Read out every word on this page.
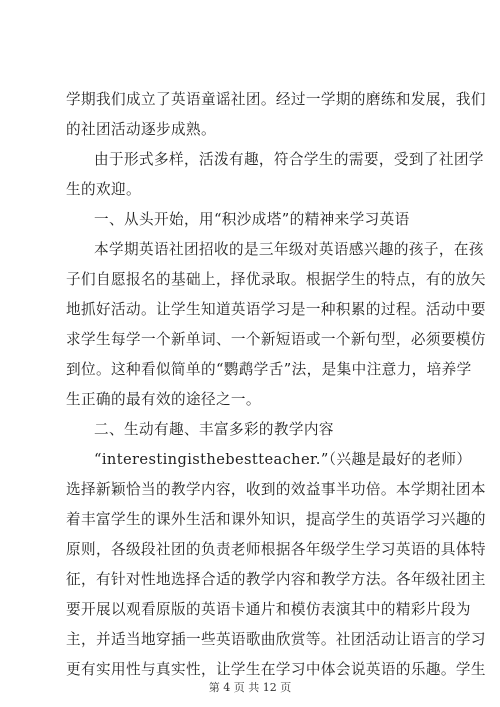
学期我们成立了英语童谣社团。经过一学期的磨练和发展，我们
的社团活动逐步成熟。
由于形式多样，活泼有趣，符合学生的需要，受到了社团学
生的欢迎。
一、从头开始，用“积沙成塔”的精神来学习英语
本学期英语社团招收的是三年级对英语感兴趣的孩子，在孩
子们自愿报名的基础上，择优录取。根据学生的特点，有的放矢
地抓好活动。让学生知道英语学习是一种积累的过程。活动中要
求学生每学一个新单词、一个新短语或一个新句型，必须要模仿
到位。这种看似简单的“鹦鹉学舌”法，是集中注意力，培养学
生正确的最有效的途径之一。
二、生动有趣、丰富多彩的教学内容
“interestingisthebestteacher.”（兴趣是最好的老师）
选择新颖恰当的教学内容，收到的效益事半功倍。本学期社团本
着丰富学生的课外生活和课外知识，提高学生的英语学习兴趣的
原则，各级段社团的负责老师根据各年级学生学习英语的具体特
征，有针对性地选择合适的教学内容和教学方法。各年级社团主
要开展以观看原版的英语卡通片和模仿表演其中的精彩片段为
主，并适当地穿插一些英语歌曲欣赏等。社团活动让语言的学习
更有实用性与真实性，让学生在学习中体会说英语的乐趣。学生
第 4 页 共 12 页
